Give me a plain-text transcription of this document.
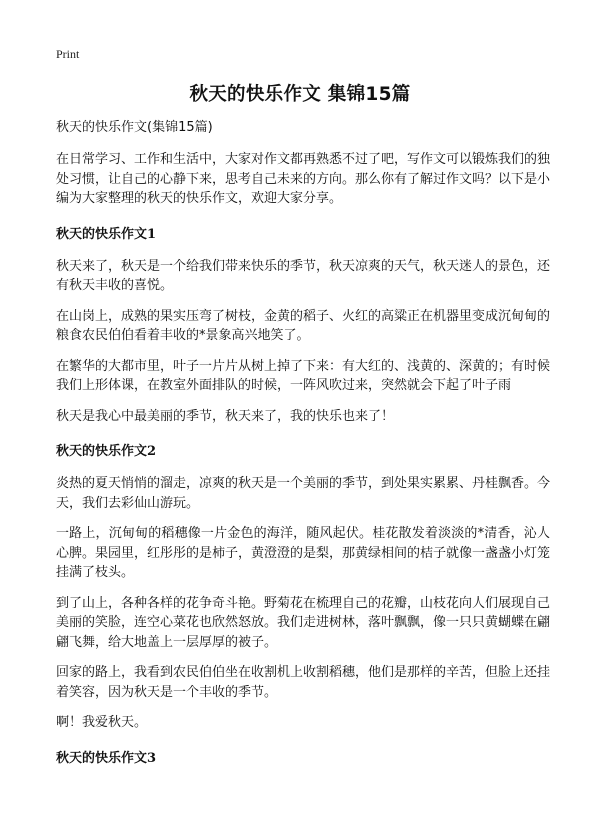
Print
秋天的快乐作文 集锦15篇
秋天的快乐作文(集锦15篇)

在日常学习、工作和生活中，大家对作文都再熟悉不过了吧，写作文可以锻炼我们的独处习惯，让自己的心静下来，思考自己未来的方向。那么你有了解过作文吗？以下是小编为大家整理的秋天的快乐作文，欢迎大家分享。

秋天的快乐作文1

秋天来了，秋天是一个给我们带来快乐的季节，秋天凉爽的天气，秋天迷人的景色，还有秋天丰收的喜悦。

在山岗上，成熟的果实压弯了树枝，金黄的稻子、火红的高粱正在机器里变成沉甸甸的粮食农民伯伯看着丰收的*景象高兴地笑了。

在繁华的大都市里，叶子一片片从树上掉了下来：有大红的、浅黄的、深黄的；有时候我们上形体课，在教室外面排队的时候，一阵风吹过来，突然就会下起了叶子雨

秋天是我心中最美丽的季节，秋天来了，我的快乐也来了！

秋天的快乐作文2

炎热的夏天悄悄的溜走，凉爽的秋天是一个美丽的季节，到处果实累累、丹桂飘香。今天，我们去彩仙山游玩。

一路上，沉甸甸的稻穗像一片金色的海洋，随风起伏。桂花散发着淡淡的*清香，沁人心脾。果园里，红彤彤的是柿子，黄澄澄的是梨，那黄绿相间的桔子就像一盏盏小灯笼挂满了枝头。

到了山上，各种各样的花争奇斗艳。野菊花在梳理自己的花瓣，山枝花向人们展现自己美丽的笑脸，连空心菜花也欣然怒放。我们走进树林，落叶飘飘，像一只只黄蝴蝶在翩翩飞舞，给大地盖上一层厚厚的被子。

回家的路上，我看到农民伯伯坐在收割机上收割稻穗，他们是那样的辛苦，但脸上还挂着笑容，因为秋天是一个丰收的季节。

啊！我爱秋天。

秋天的快乐作文3
